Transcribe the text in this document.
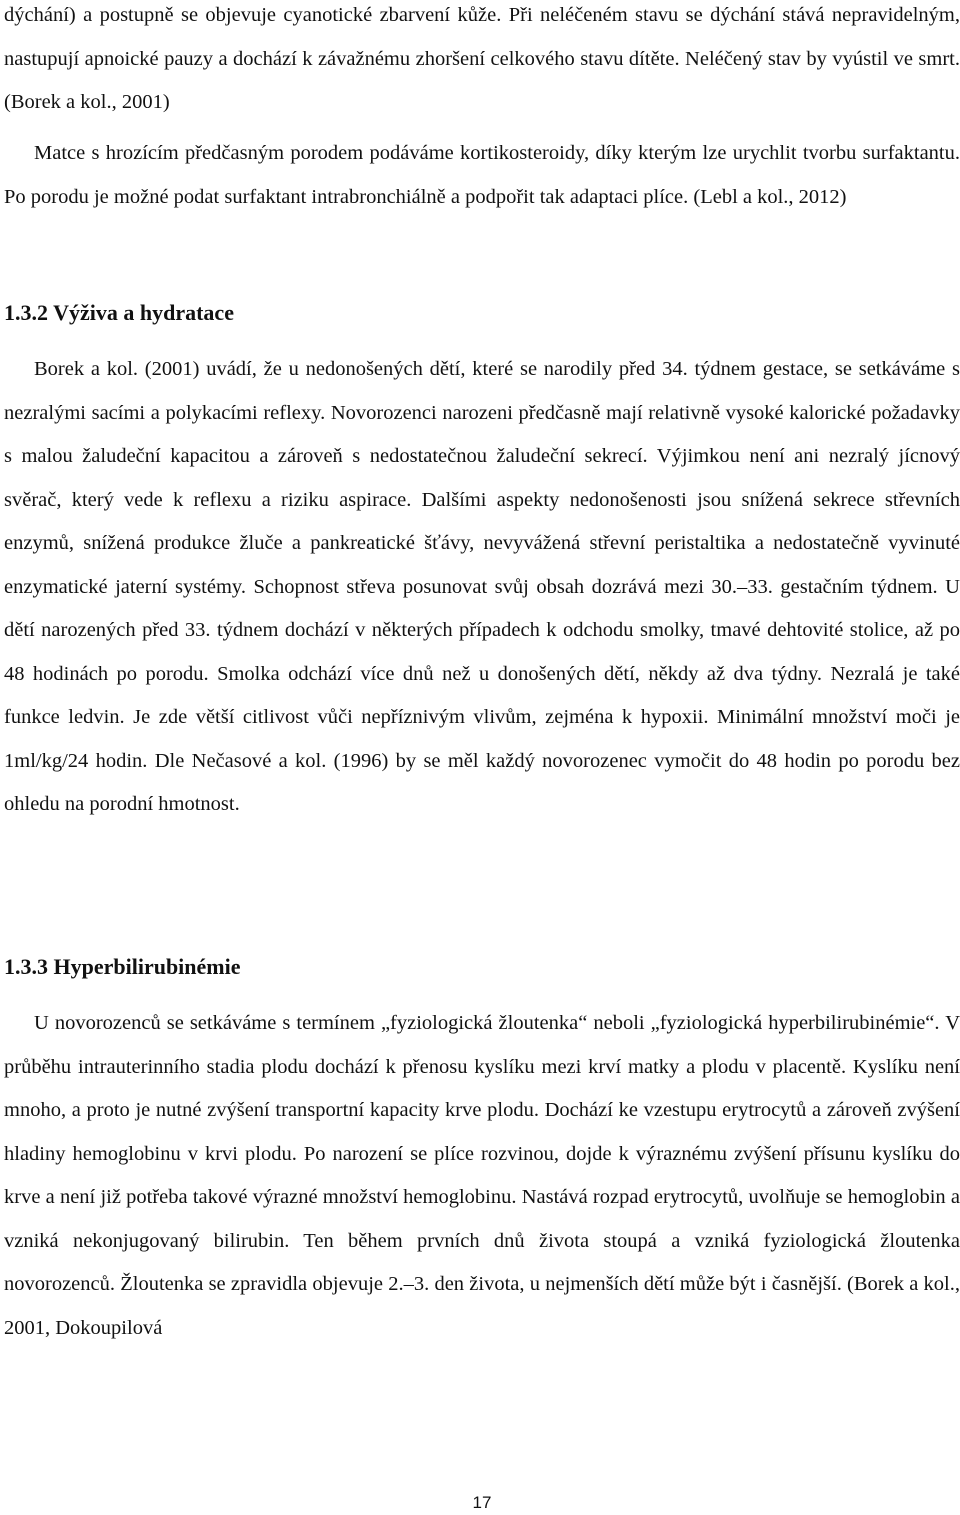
dýchání) a postupně se objevuje cyanotické zbarvení kůže. Při neléčeném stavu se dýchání stává nepravidelným, nastupují apnoické pauzy a dochází k závažnému zhoršení celkového stavu dítěte. Neléčený stav by vyústil ve smrt. (Borek a kol., 2001)

Matce s hrozícím předčasným porodem podáváme kortikosteroidy, díky kterým lze urychlit tvorbu surfaktantu. Po porodu je možné podat surfaktant intrabronchiálně a podpořit tak adaptaci plíce. (Lebl a kol., 2012)

1.3.2 Výživa a hydratace

Borek a kol. (2001) uvádí, že u nedonošených dětí, které se narodily před 34. týdnem gestace, se setkáváme s nezralými sacími a polykacími reflexy. Novorozenci narozeni předčasně mají relativně vysoké kalorické požadavky s malou žaludeční kapacitou a zároveň s nedostatečnou žaludeční sekrecí. Výjimkou není ani nezralý jícnový svěrač, který vede k reflexu a riziku aspirace. Dalšími aspekty nedonošenosti jsou snížená sekrece střevních enzymů, snížená produkce žluče a pankreatické šťávy, nevyvážená střevní peristaltika a nedostatečně vyvinuté enzymatické jaterní systémy. Schopnost střeva posunovat svůj obsah dozrává mezi 30.–33. gestačním týdnem. U dětí narozených před 33. týdnem dochází v některých případech k odchodu smolky, tmavé dehtovité stolice, až po 48 hodinách po porodu. Smolka odchází více dnů než u donošených dětí, někdy až dva týdny. Nezralá je také funkce ledvin. Je zde větší citlivost vůči nepříznivým vlivům, zejména k hypoxii. Minimální množství moči je 1ml/kg/24 hodin. Dle Nečasové a kol. (1996) by se měl každý novorozenec vymočit do 48 hodin po porodu bez ohledu na porodní hmotnost.

1.3.3 Hyperbilirubinémie

U novorozenců se setkáváme s termínem „fyziologická žloutenka“ neboli „fyziologická hyperbilirubinémie“. V průběhu intrauterinního stadia plodu dochází k přenosu kyslíku mezi krví matky a plodu v placentě. Kyslíku není mnoho, a proto je nutné zvýšení transportní kapacity krve plodu. Dochází ke vzestupu erytrocytů a zároveň zvýšení hladiny hemoglobinu v krvi plodu. Po narození se plíce rozvinou, dojde k výraznému zvýšení přísunu kyslíku do krve a není již potřeba takové výrazné množství hemoglobinu. Nastává rozpad erytrocytů, uvolňuje se hemoglobin a vzniká nekonjugovaný bilirubin. Ten během prvních dnů života stoupá a vzniká fyziologická žloutenka novorozenců. Žloutenka se zpravidla objevuje 2.–3. den života, u nejmenších dětí může být i časnější. (Borek a kol., 2001, Dokoupilová

17
